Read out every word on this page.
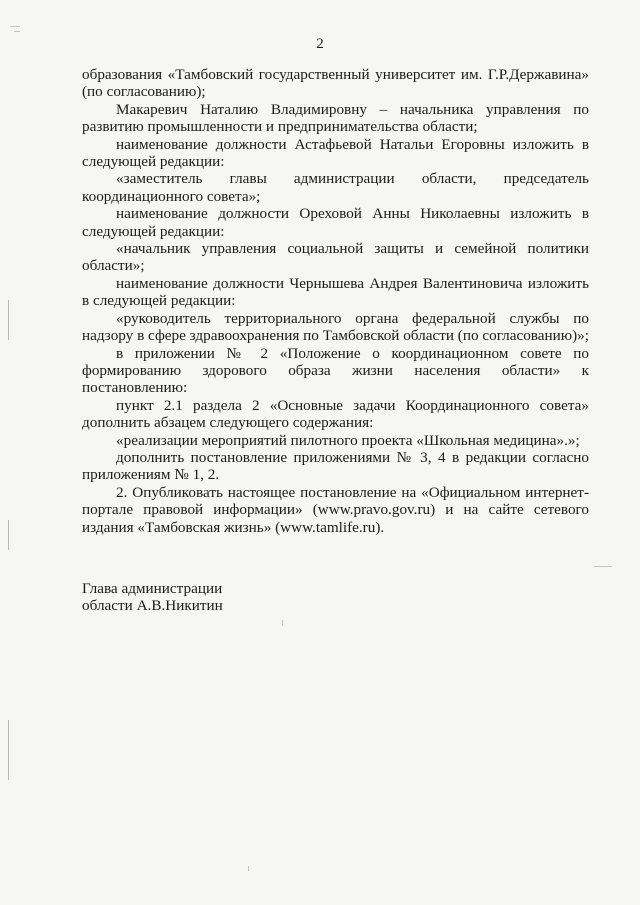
2

образования «Тамбовский государственный университет им. Г.Р.Державина» (по согласованию);

Макаревич Наталию Владимировну – начальника управления по развитию промышленности и предпринимательства области;

наименование должности Астафьевой Натальи Егоровны изложить в следующей редакции:

«заместитель главы администрации области, председатель координационного совета»;

наименование должности Ореховой Анны Николаевны изложить в следующей редакции:

«начальник управления социальной защиты и семейной политики области»;

наименование должности Чернышева Андрея Валентиновича изложить в следующей редакции:

«руководитель территориального органа федеральной службы по надзору в сфере здравоохранения по Тамбовской области (по согласованию)»;

в приложении № 2 «Положение о координационном совете по формированию здорового образа жизни населения области» к постановлению:

пункт 2.1 раздела 2 «Основные задачи Координационного совета» дополнить абзацем следующего содержания:

«реализации мероприятий пилотного проекта «Школьная медицина».»;

дополнить постановление приложениями № 3, 4 в редакции согласно приложениям № 1, 2.

2. Опубликовать настоящее постановление на «Официальном интернет-портале правовой информации» (www.pravo.gov.ru) и на сайте сетевого издания «Тамбовская жизнь» (www.tamlife.ru).

Глава администрации
области А.В.Никитин
